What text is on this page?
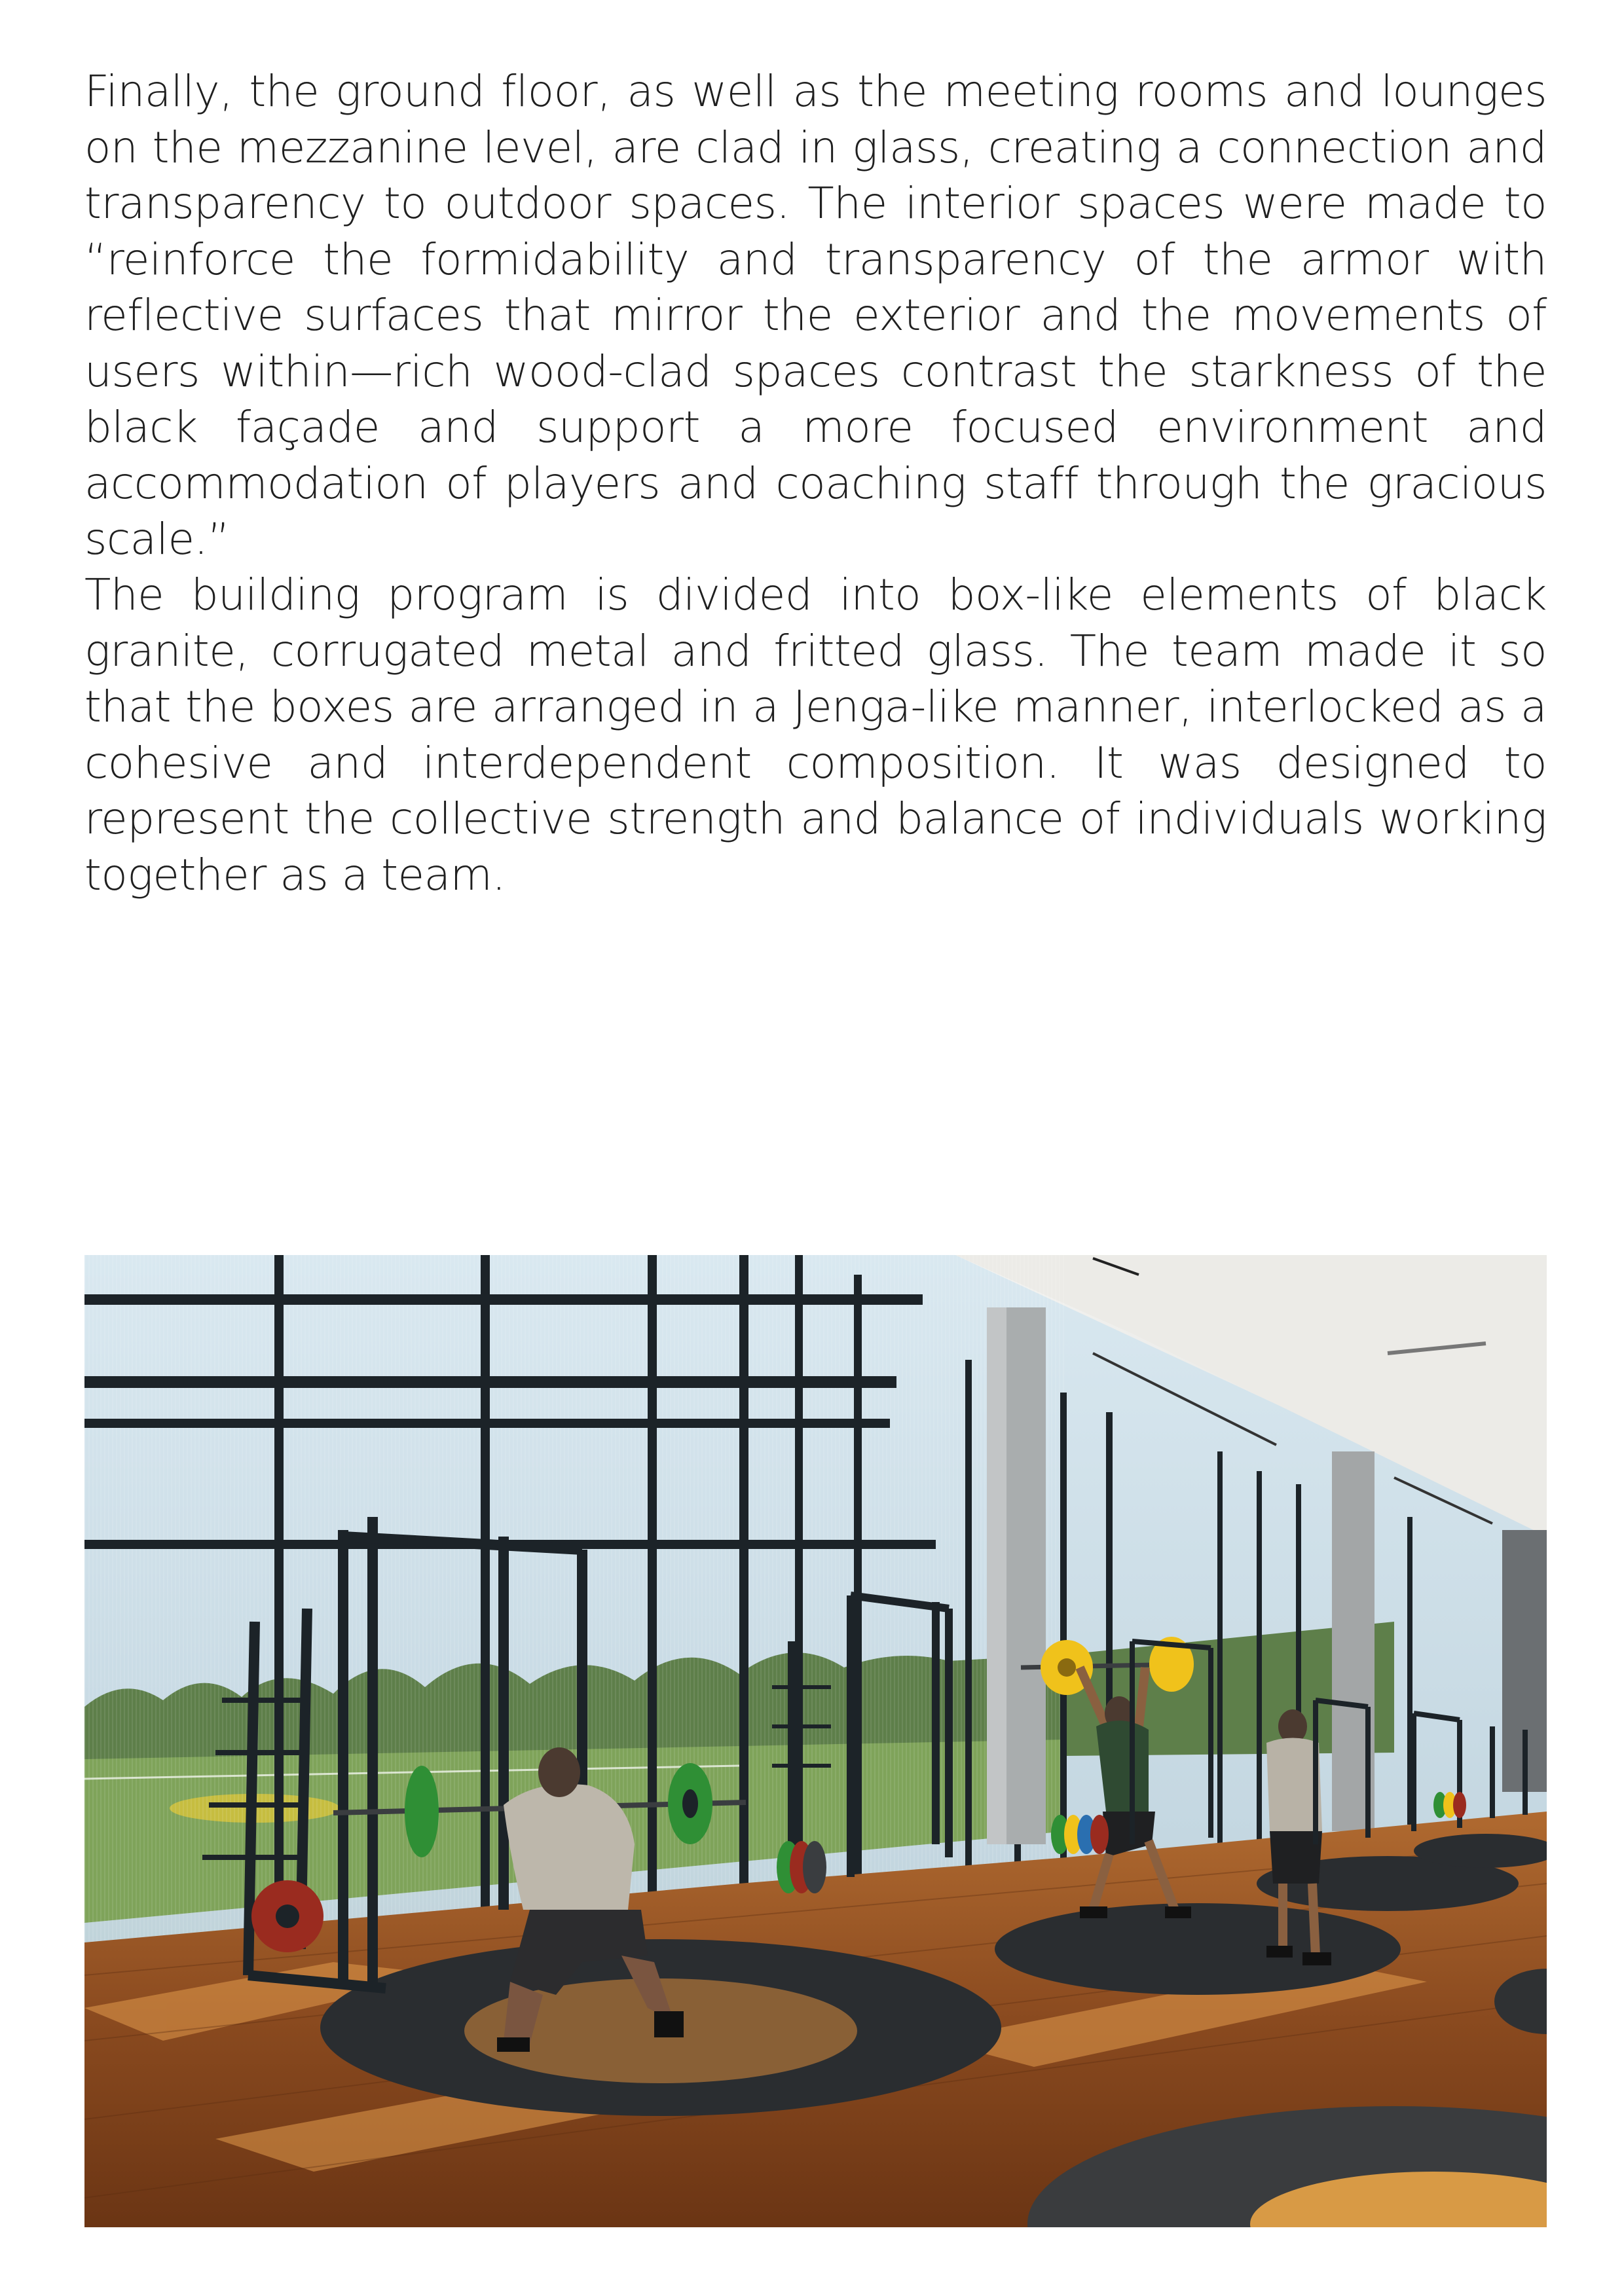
Finally, the ground floor, as well as the meeting rooms and lounges on the mezzanine level, are clad in glass, creating a connection and transparency to outdoor spaces. The interior spaces were made to “reinforce the formidability and transparency of the armor with reflective surfaces that mirror the exterior and the movements of users within—rich wood-clad spaces contrast the starkness of the black façade and support a more focused environment and accommodation of players and coaching staff through the gracious scale.”

The building program is divided into box-like elements of black granite, corrugated metal and fritted glass. The team made it so that the boxes are arranged in a Jenga-like manner, interlocked as a cohesive and interdependent composition. It was designed to represent the collective strength and balance of individuals working together as a team.
